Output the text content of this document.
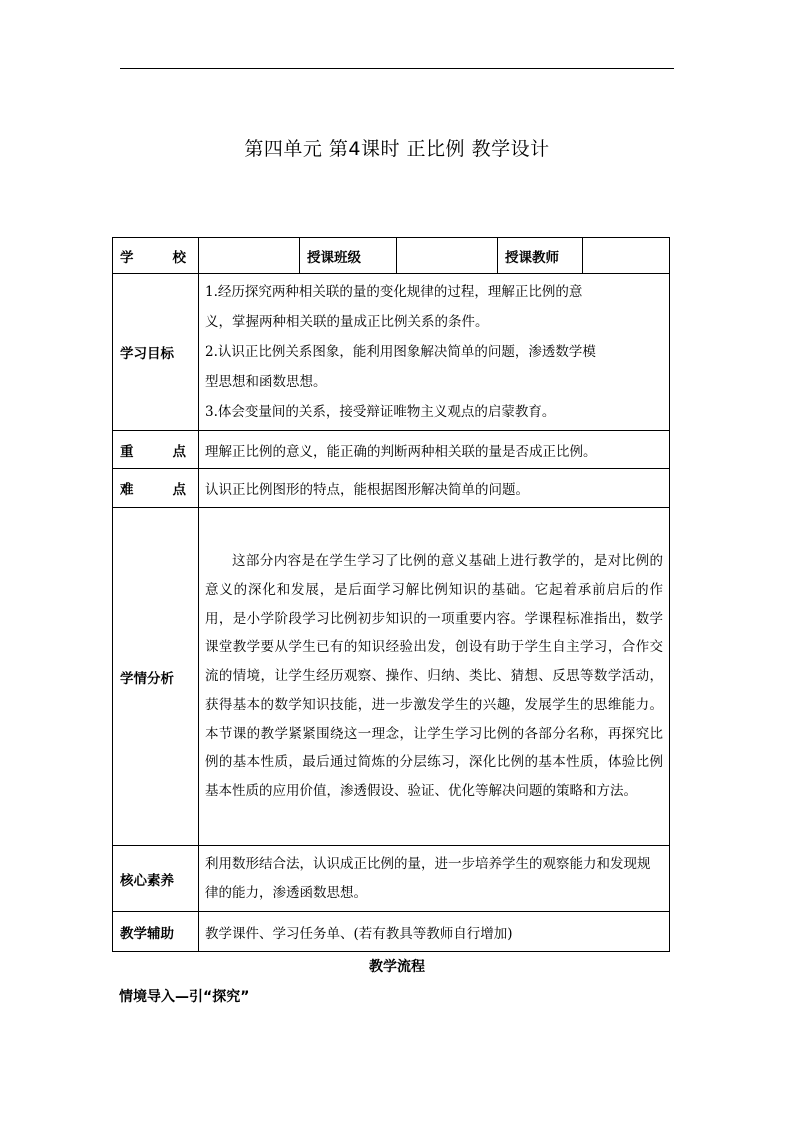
第四单元 第4课时 正比例 教学设计
学 校		授课班级		授课教师	
学习目标	1.经历探究两种相关联的量的变化规律的过程，理解正比例的意
义，掌握两种相关联的量成正比例关系的条件。
2.认识正比例关系图象，能利用图象解决简单的问题，渗透数学模
型思想和函数思想。
3.体会变量间的关系，接受辩证唯物主义观点的启蒙教育。				

重 点	理解正比例的意义，能正确的判断两种相关联的量是否成正比例。				

难 点	认识正比例图形的特点，能根据图形解决简单的问题。				
学情分析	这部分内容是在学生学习了比例的意义基础上进行教学的，是对比例的意义的深化和发展，是后面学习解比例知识的基础。它起着承前启后的作用，是小学阶段学习比例初步知识的一项重要内容。学课程标准指出，数学课堂教学要从学生已有的知识经验出发，创设有助于学生自主学习，合作交流的情境，让学生经历观察、操作、归纳、类比、猜想、反思等数学活动，获得基本的数学知识技能，进一步激发学生的兴趣，发展学生的思维能力。本节课的教学紧紧围绕这一理念，让学生学习比例的各部分名称，再探究比例的基本性质，最后通过简炼的分层练习，深化比例的基本性质，体验比例基本性质的应用价值，渗透假设、验证、优化等解决问题的策略和方法。				
核心素养	利用数形结合法，认识成正比例的量，进一步培养学生的观察能力和发现规律的能力，渗透函数思想。				
教学辅助	教学课件、学习任务单、(若有教具等教师自行增加)				
教学流程
情境导入—引“探究”
